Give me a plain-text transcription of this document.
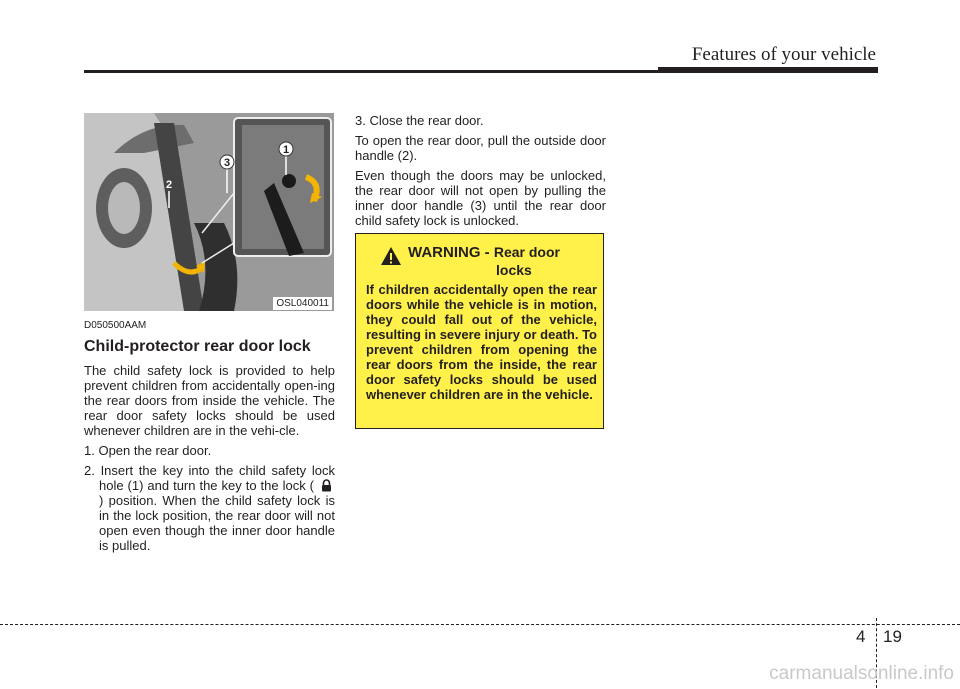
Features of your vehicle
1
2
3
OSL040011
D050500AAM
Child-protector rear door lock

The child safety lock is provided to help prevent children from accidentally open-ing the rear doors from inside the vehicle. The rear door safety locks should be used whenever children are in the vehi-cle.

1. Open the rear door.
2. Insert the key into the child safety lock hole (1) and turn the key to the lock (  ) position. When the child safety lock is in the lock position, the rear door will not open even though the inner door handle is pulled.
3. Close the rear door.

To open the rear door, pull the outside door handle (2).

Even though the doors may be unlocked, the rear door will not open by pulling the inner door handle (3) until the rear door child safety lock is unlocked.

WARNING - Rear door
locks
If children accidentally open the rear doors while the vehicle is in motion, they could fall out of the vehicle, resulting in severe injury or death. To prevent children from opening the rear doors from the inside, the rear door safety locks should be used whenever children are in the vehicle.
4 19
carmanualsonline.info
